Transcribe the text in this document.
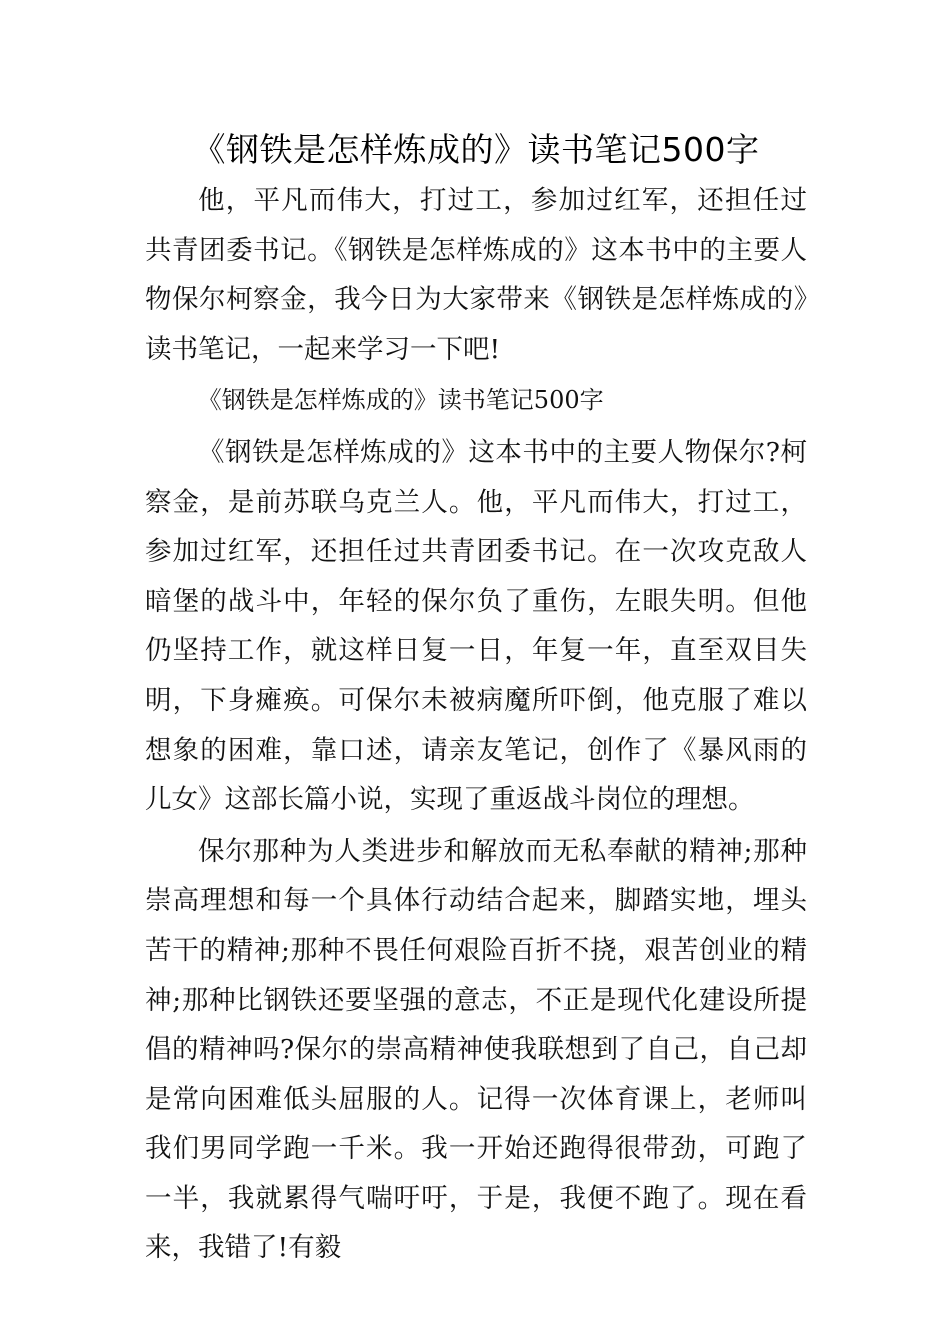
《钢铁是怎样炼成的》读书笔记500字

他，平凡而伟大，打过工，参加过红军，还担任过共青团委书记。《钢铁是怎样炼成的》这本书中的主要人物保尔柯察金，我今日为大家带来《钢铁是怎样炼成的》读书笔记，一起来学习一下吧!

《钢铁是怎样炼成的》读书笔记500字

《钢铁是怎样炼成的》这本书中的主要人物保尔?柯察金，是前苏联乌克兰人。他，平凡而伟大，打过工，参加过红军，还担任过共青团委书记。在一次攻克敌人暗堡的战斗中，年轻的保尔负了重伤，左眼失明。但他仍坚持工作，就这样日复一日，年复一年，直至双目失明，下身瘫痪。可保尔未被病魔所吓倒，他克服了难以想象的困难，靠口述，请亲友笔记，创作了《暴风雨的儿女》这部长篇小说，实现了重返战斗岗位的理想。

保尔那种为人类进步和解放而无私奉献的精神;那种崇高理想和每一个具体行动结合起来，脚踏实地，埋头苦干的精神;那种不畏任何艰险百折不挠，艰苦创业的精神;那种比钢铁还要坚强的意志，不正是现代化建设所提倡的精神吗?保尔的崇高精神使我联想到了自己，自己却是常向困难低头屈服的人。记得一次体育课上，老师叫我们男同学跑一千米。我一开始还跑得很带劲，可跑了一半，我就累得气喘吁吁，于是，我便不跑了。现在看来，我错了!有毅
